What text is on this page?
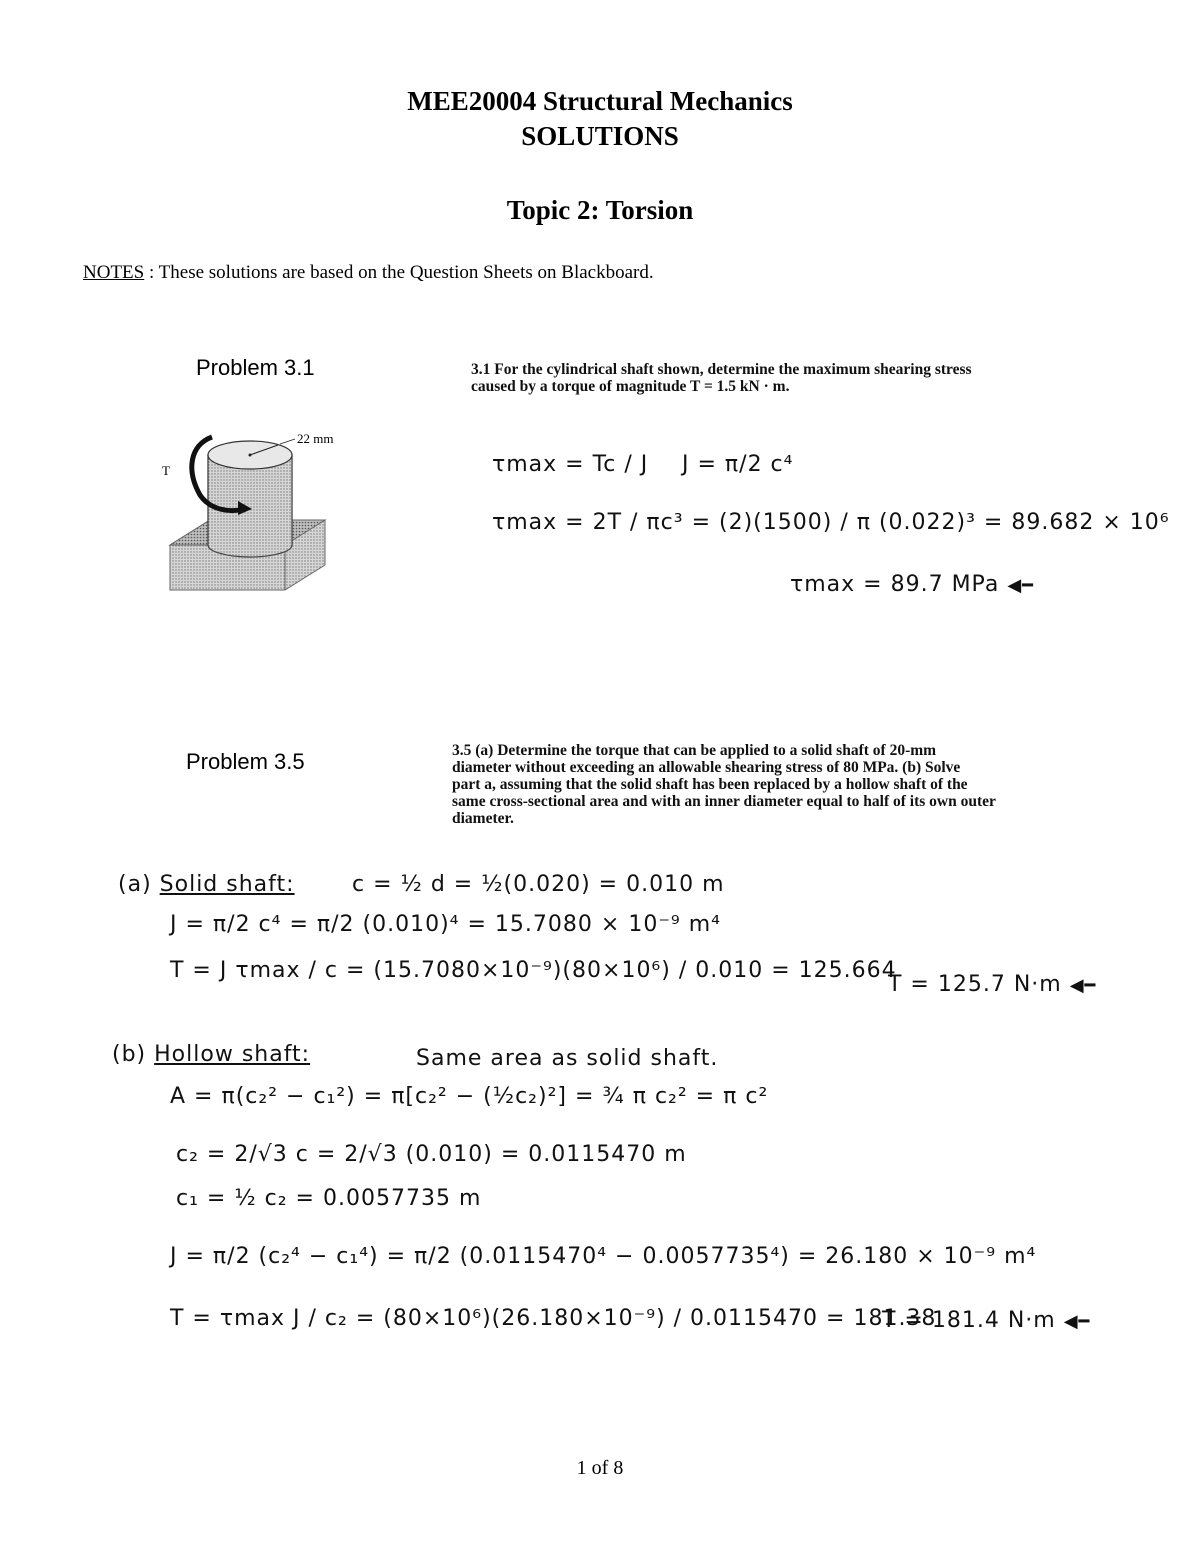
MEE20004 Structural Mechanics
SOLUTIONS
Topic 2: Torsion
NOTES : These solutions are based on the Question Sheets on Blackboard.
Problem 3.1	3.1 For the cylindrical shaft shown, determine the maximum shearing stress
caused by a torque of magnitude T = 1.5 kN · m.
T
22 mm
τmax = Tc / J J = π/2 c⁴
τmax = 2T / πc³ = (2)(1500) / π (0.022)³ = 89.682 × 10⁶
τmax = 89.7 MPa ◀━
Problem 3.5	3.5 (a) Determine the torque that can be applied to a solid shaft of 20-mm
diameter without exceeding an allowable shearing stress of 80 MPa. (b) Solve
part a, assuming that the solid shaft has been replaced by a hollow shaft of the
same cross-sectional area and with an inner diameter equal to half of its own outer
diameter.
(a) Solid shaft:	c = ½ d = ½(0.020) = 0.010 m
J = π/2 c⁴ = π/2 (0.010)⁴ = 15.7080 × 10⁻⁹ m⁴
T = J τmax / c = (15.7080×10⁻⁹)(80×10⁶) / 0.010 = 125.664
T = 125.7 N·m ◀━
(b) Hollow shaft:	Same area as solid shaft.
A = π(c₂² − c₁²) = π[c₂² − (½c₂)²] = ¾ π c₂² = π c²
c₂ = 2/√3 c = 2/√3 (0.010) = 0.0115470 m
c₁ = ½ c₂ = 0.0057735 m
J = π/2 (c₂⁴ − c₁⁴) = π/2 (0.0115470⁴ − 0.0057735⁴) = 26.180 × 10⁻⁹ m⁴
T = τmax J / c₂ = (80×10⁶)(26.180×10⁻⁹) / 0.0115470 = 181.38
T = 181.4 N·m ◀━
1 of 8
